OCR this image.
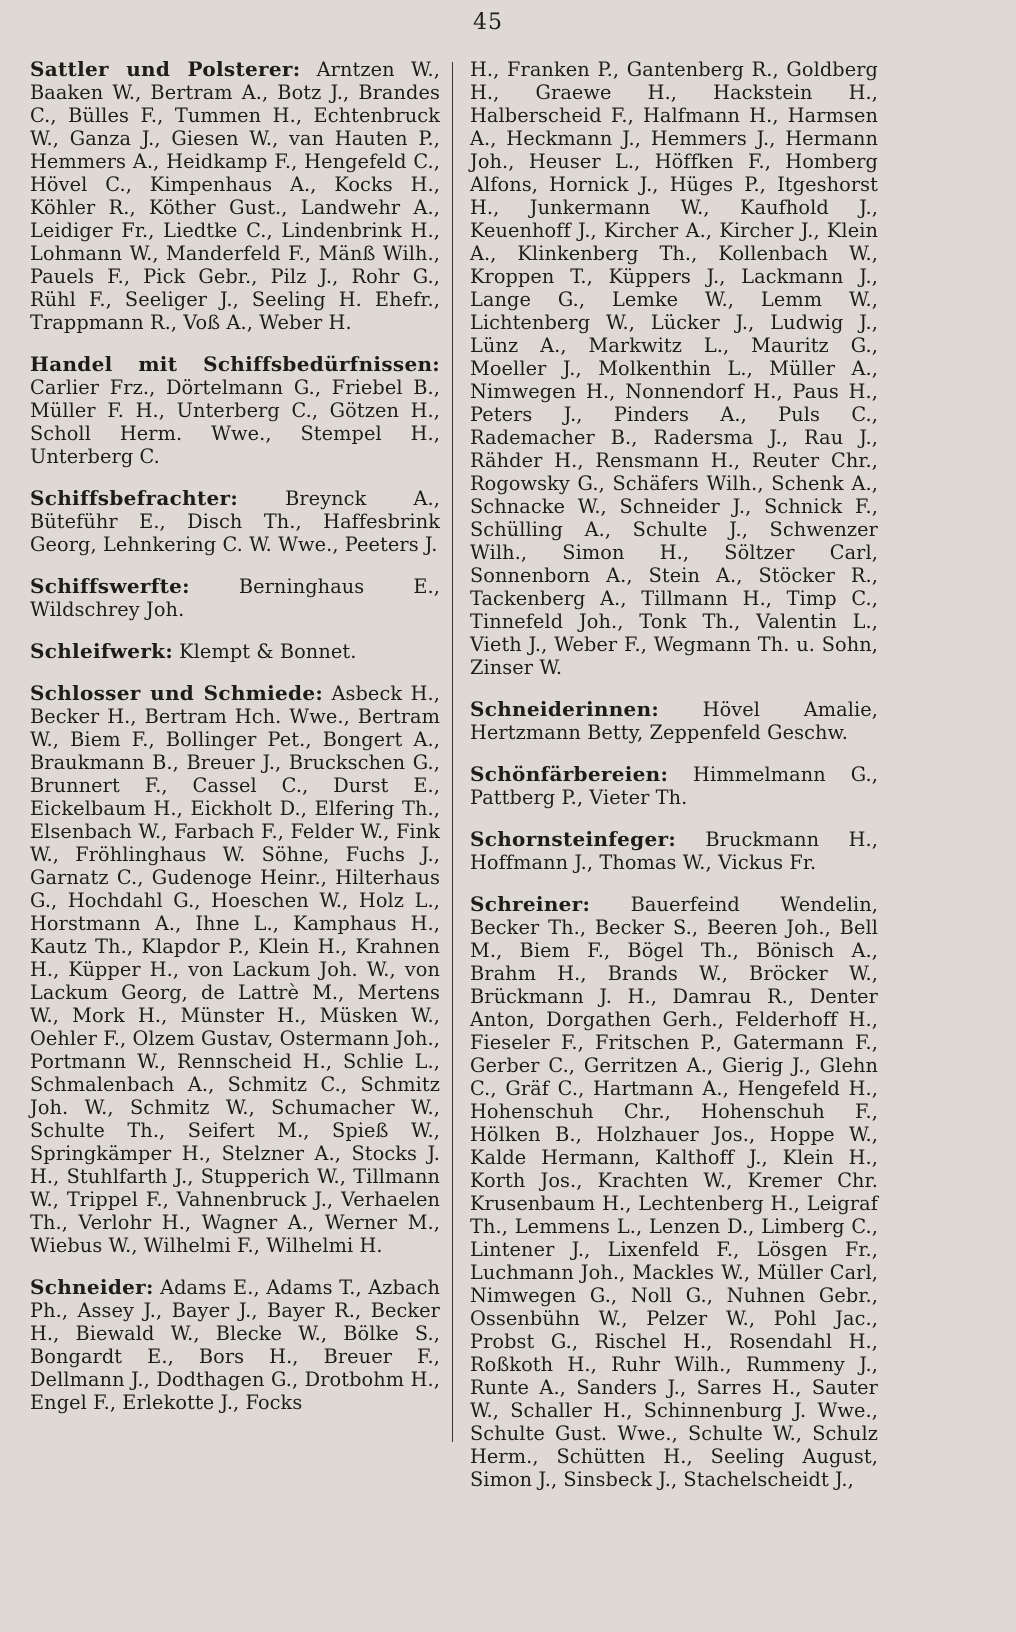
45

Sattler und Polsterer: Arntzen W., Baaken W., Bertram A., Botz J., Brandes C., Bülles F., Tummen H., Echtenbruck W., Ganza J., Giesen W., van Hauten P., Hemmers A., Heidkamp F., Hengefeld C., Hövel C., Kimpenhaus A., Kocks H., Köhler R., Köther Gust., Landwehr A., Leidiger Fr., Liedtke C., Lindenbrink H., Lohmann W., Manderfeld F., Mänß Wilh., Pauels F., Pick Gebr., Pilz J., Rohr G., Rühl F., Seeliger J., Seeling H. Ehefr., Trappmann R., Voß A., Weber H.

Handel mit Schiffsbedürfnissen: Carlier Frz., Dörtelmann G., Friebel B., Müller F. H., Unterberg C., Götzen H., Scholl Herm. Wwe., Stempel H., Unterberg C.

Schiffsbefrachter: Breynck A., Büteführ E., Disch Th., Haffesbrink Georg, Lehnkering C. W. Wwe., Peeters J.

Schiffswerfte:	Berninghaus E., Wildschrey Joh.

Schleifwerk: Klempt & Bonnet.

Schlosser und Schmiede: Asbeck H., Becker H., Bertram Hch. Wwe., Bertram W., Biem F., Bollinger Pet., Bongert A., Braukmann B., Breuer J., Bruckschen G., Brunnert F., Cassel C., Durst E., Eickelbaum H., Eickholt D., Elfering Th., Elsenbach W., Farbach F., Felder W., Fink W., Fröhlinghaus W. Söhne, Fuchs J., Garnatz C., Gudenoge Heinr., Hilterhaus G., Hochdahl G., Hoeschen W., Holz L., Horstmann A., Ihne L., Kamphaus H., Kautz Th., Klapdor P., Klein H., Krahnen H., Küpper H., von Lackum Joh. W., von Lackum Georg, de Lattrè M., Mertens W., Mork H., Münster H., Müsken W., Oehler F., Olzem Gustav, Ostermann Joh., Portmann W., Rennscheid H., Schlie L., Schmalenbach A., Schmitz C., Schmitz Joh. W., Schmitz W., Schumacher W., Schulte Th., Seifert M., Spieß W., Springkämper H., Stelzner A., Stocks J. H., Stuhlfarth J., Stupperich W., Tillmann W., Trippel F., Vahnenbruck J., Verhaelen Th., Verlohr H., Wagner A., Werner M., Wiebus W., Wilhelmi F., Wilhelmi H.

Schneider: Adams E., Adams T., Azbach Ph., Assey J., Bayer J., Bayer R., Becker H., Biewald W., Blecke W., Bölke S., Bongardt E., Bors H., Breuer F., Dellmann J., Dodthagen G., Drotbohm H., Engel F., Erlekotte J., Focks

H., Franken P., Gantenberg R., Goldberg H., Graewe H., Hackstein H., Halberscheid F., Halfmann H., Harmsen A., Heckmann J., Hemmers J., Hermann Joh., Heuser L., Höffken F., Homberg Alfons, Hornick J., Hüges P., Itgeshorst H., Junkermann W., Kaufhold J., Keuenhoff J., Kircher A., Kircher J., Klein A., Klinkenberg Th., Kollenbach W., Kroppen T., Küppers J., Lackmann J., Lange G., Lemke W., Lemm W., Lichtenberg W., Lücker J., Ludwig J., Lünz A., Markwitz L., Mauritz G., Moeller J., Molkenthin L., Müller A., Nimwegen H., Nonnendorf H., Paus H., Peters J., Pinders A., Puls C., Rademacher B., Radersma J., Rau J., Rähder H., Rensmann H., Reuter Chr., Rogowsky G., Schäfers Wilh., Schenk A., Schnacke W., Schneider J., Schnick F., Schülling A., Schulte J., Schwenzer Wilh., Simon H., Söltzer Carl, Sonnenborn A., Stein A., Stöcker R., Tackenberg A., Tillmann H., Timp C., Tinnefeld Joh., Tonk Th., Valentin L., Vieth J., Weber F., Wegmann Th. u. Sohn, Zinser W.

Schneiderinnen: Hövel Amalie, Hertzmann Betty, Zeppenfeld Geschw.

Schönfärbereien: Himmelmann G., Pattberg P., Vieter Th.

Schornsteinfeger: Bruckmann H., Hoffmann J., Thomas W., Vickus Fr.

Schreiner: Bauerfeind Wendelin, Becker Th., Becker S., Beeren Joh., Bell M., Biem F., Bögel Th., Bönisch A., Brahm H., Brands W., Bröcker W., Brückmann J. H., Damrau R., Denter Anton, Dorgathen Gerh., Felderhoff H., Fieseler F., Fritschen P., Gatermann F., Gerber C., Gerritzen A., Gierig J., Glehn C., Gräf C., Hartmann A., Hengefeld H., Hohenschuh Chr., Hohenschuh F., Hölken B., Holzhauer Jos., Hoppe W., Kalde Hermann, Kalthoff J., Klein H., Korth Jos., Krachten W., Kremer Chr. Krusenbaum H., Lechtenberg H., Leigraf Th., Lemmens L., Lenzen D., Limberg C., Lintener J., Lixenfeld F., Lösgen Fr., Luchmann Joh., Mackles W., Müller Carl, Nimwegen G., Noll G., Nuhnen Gebr., Ossenbühn W., Pelzer W., Pohl Jac., Probst G., Rischel H., Rosendahl H., Roßkoth H., Ruhr Wilh., Rummeny J., Runte A., Sanders J., Sarres H., Sauter W., Schaller H., Schinnenburg J. Wwe., Schulte Gust. Wwe., Schulte W., Schulz Herm., Schütten H., Seeling August, Simon J., Sinsbeck J., Stachelscheidt J.,
